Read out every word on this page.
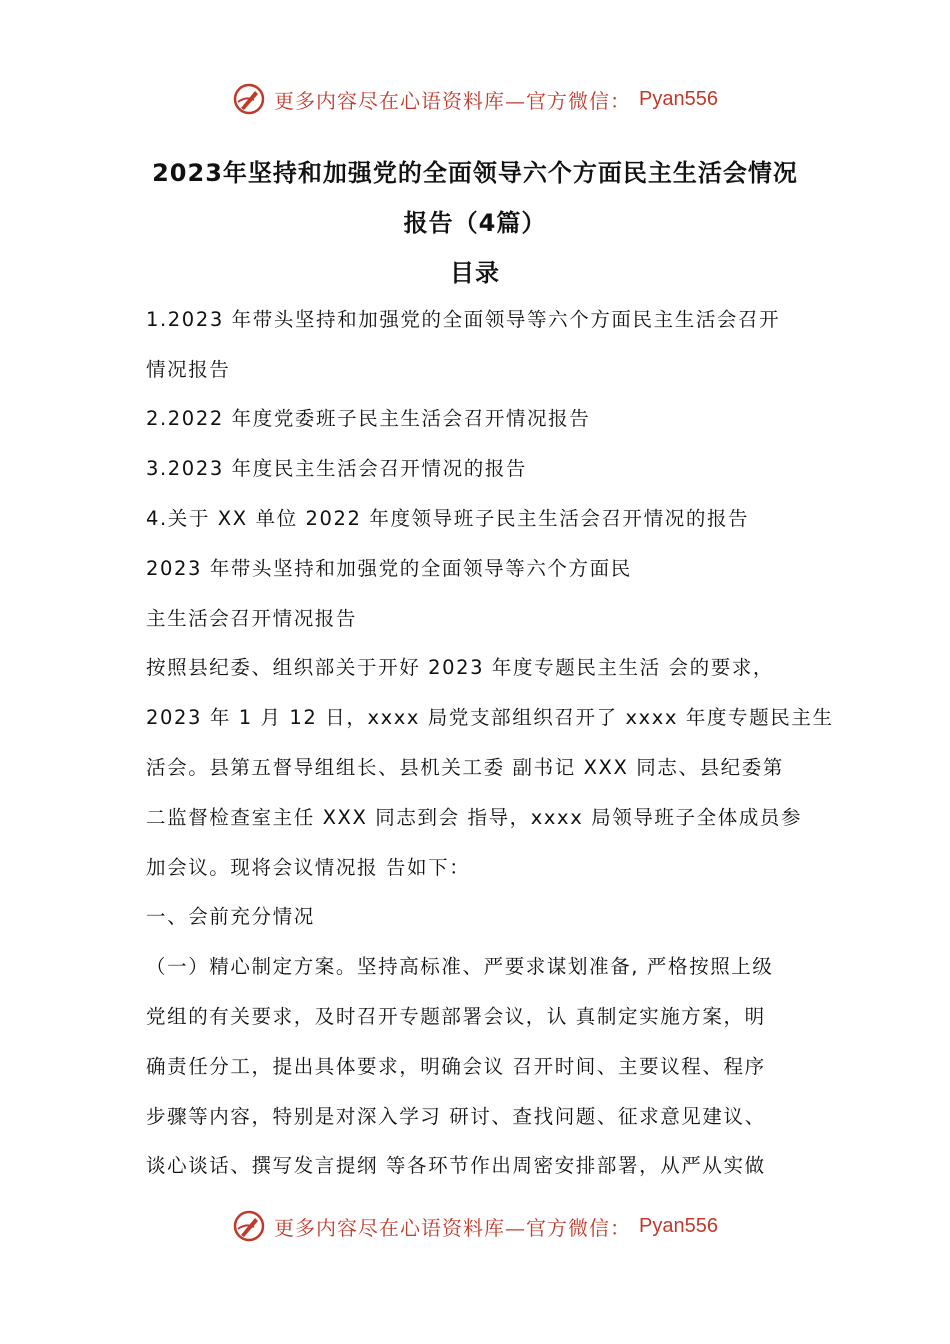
更多内容尽在心语资料库—官方微信： Pyan556
2023年坚持和加强党的全面领导六个方面民主生活会情况
报告（4篇）
目录
1.2023 年带头坚持和加强党的全面领导等六个方面民主生活会召开
情况报告
2.2022 年度党委班子民主生活会召开情况报告
3.2023 年度民主生活会召开情况的报告
4.关于 XX 单位 2022 年度领导班子民主生活会召开情况的报告
2023 年带头坚持和加强党的全面领导等六个方面民
主生活会召开情况报告
按照县纪委、组织部关于开好 2023 年度专题民主生活 会的要求，
2023 年 1 月 12 日，xxxx 局党支部组织召开了 xxxx 年度专题民主生
活会。县第五督导组组长、县机关工委 副书记 XXX 同志、县纪委第
二监督检查室主任 XXX 同志到会 指导，xxxx 局领导班子全体成员参
加会议。现将会议情况报 告如下：
一、会前充分情况
（一）精心制定方案。坚持高标准、严要求谋划准备, 严格按照上级
党组的有关要求，及时召开专题部署会议，认 真制定实施方案，明
确责任分工，提出具体要求，明确会议 召开时间、主要议程、程序
步骤等内容，特别是对深入学习 研讨、查找问题、征求意见建议、
谈心谈话、撰写发言提纲 等各环节作出周密安排部署，从严从实做
更多内容尽在心语资料库—官方微信： Pyan556
